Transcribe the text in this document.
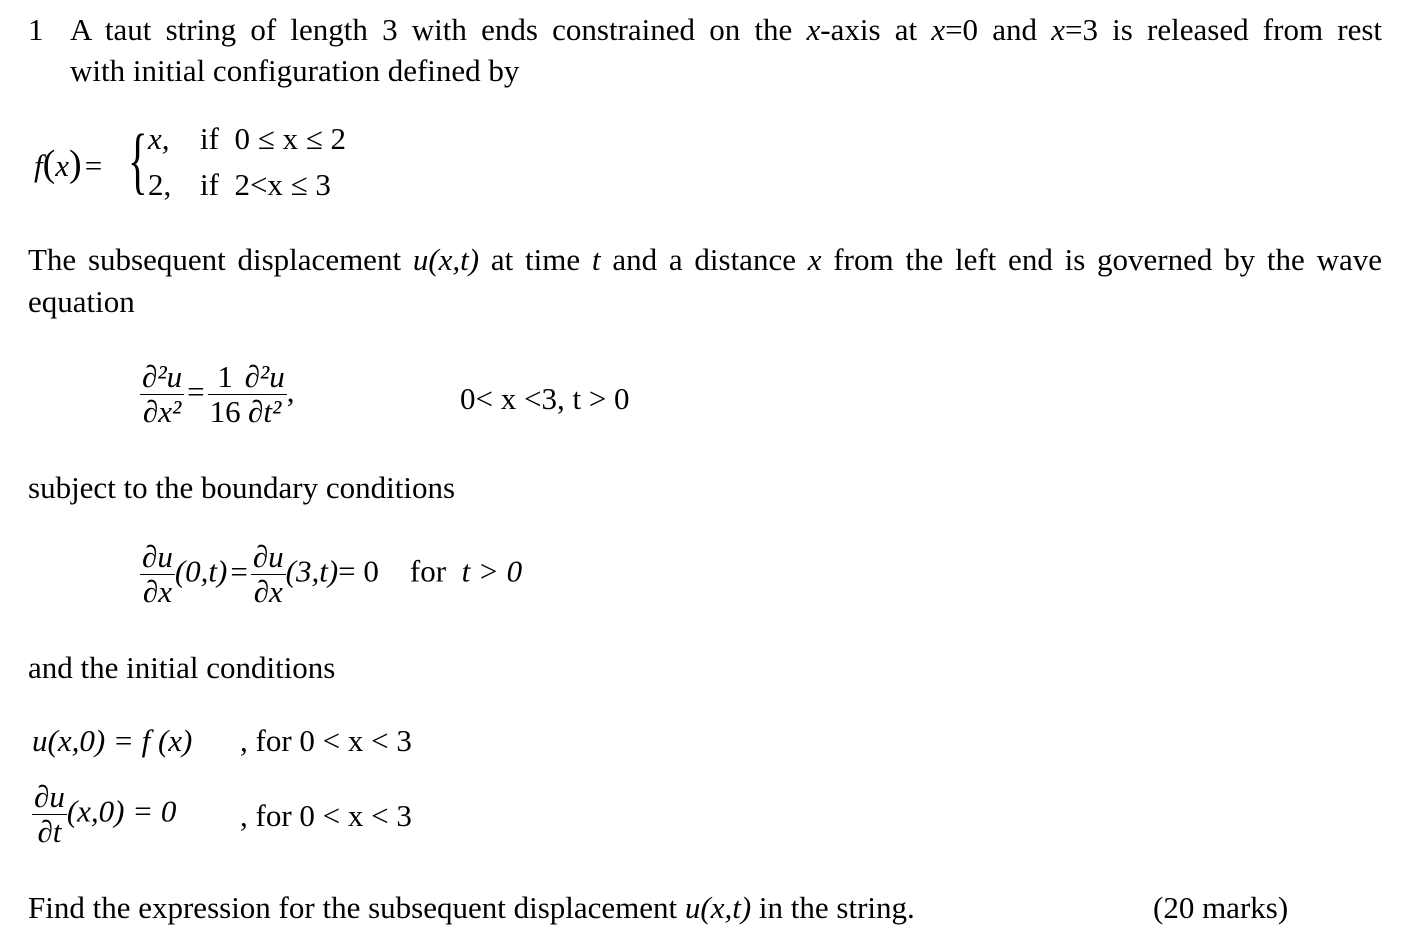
1 A taut string of length 3 with ends constrained on the x-axis at x=0 and x=3 is released from rest
with initial configuration defined by
f(x)= { x, if 0 ≤ x ≤ 2
2, if 2<x ≤ 3
The subsequent displacement u(x,t) at time t and a distance x from the left end is governed by the wave
equation
$\frac{\text{∂²u}}{\text{∂x²}} = \frac{1}{16} \frac{\text{∂²u}}{\text{∂t²}}$ ,	0< x <3, t > 0
subject to the boundary conditions
$\frac{\partial u}{\partial x} (0,t)= \frac{\partial u}{\partial x} (3,t)= 0$ for t > 0
and the initial conditions
u(x,0) = f (x) , for 0 < x < 3
$\frac{\partial u}{\partial t} (x,0) = 0$ , for 0 < x < 3
Find the expression for the subsequent displacement u(x,t) in the string.	(20 marks)
